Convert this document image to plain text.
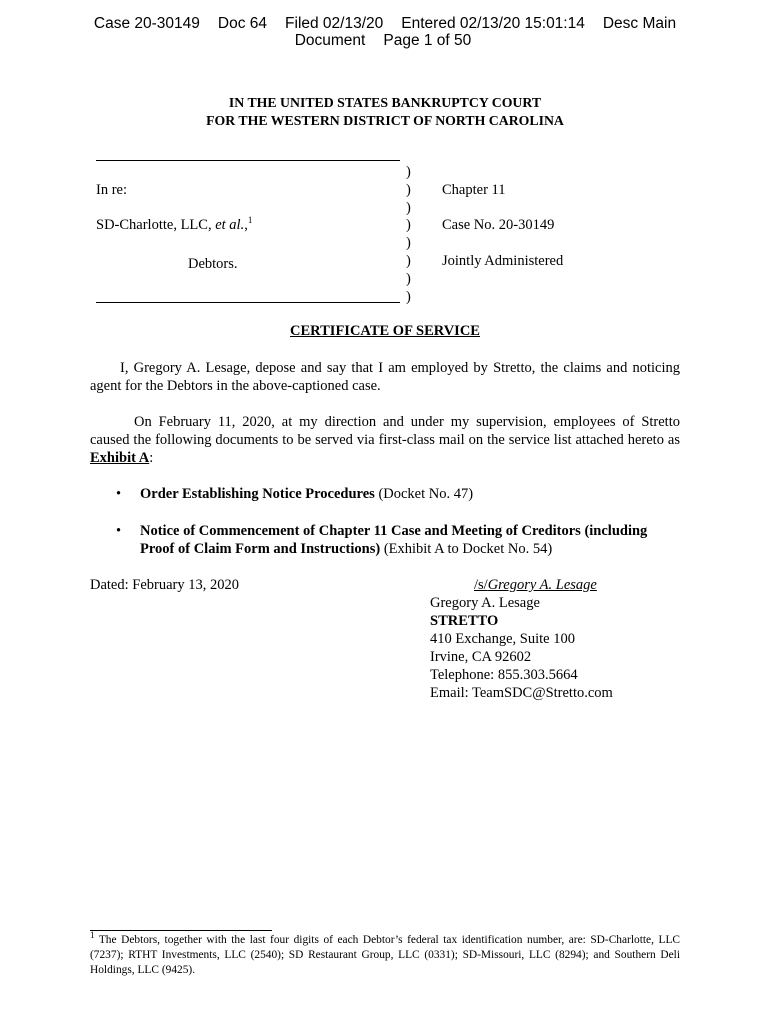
Case 20-30149 Doc 64 Filed 02/13/20 Entered 02/13/20 15:01:14 Desc Main
Document Page 1 of 50
IN THE UNITED STATES BANKRUPTCY COURT
FOR THE WESTERN DISTRICT OF NORTH CAROLINA
)
)
)
)
)
)
)
)
In re:
SD-Charlotte, LLC, et al.,$^1$
Debtors.
Chapter 11
Case No. 20-30149
Jointly Administered
CERTIFICATE OF SERVICE
I, Gregory A. Lesage, depose and say that I am employed by Stretto, the claims and noticing agent for the Debtors in the above-captioned case.
On February 11, 2020, at my direction and under my supervision, employees of Stretto caused the following documents to be served via first-class mail on the service list attached hereto as Exhibit A:
• Order Establishing Notice Procedures (Docket No. 47)
• Notice of Commencement of Chapter 11 Case and Meeting of Creditors (including Proof of Claim Form and Instructions) (Exhibit A to Docket No. 54)
Dated: February 13, 2020	/s/Gregory A. Lesage
Gregory A. Lesage
STRETTO
410 Exchange, Suite 100
Irvine, CA 92602
Telephone: 855.303.5664
Email: TeamSDC@Stretto.com
$^1$ The Debtors, together with the last four digits of each Debtor’s federal tax identification number, are: SD-Charlotte, LLC (7237); RTHT Investments, LLC (2540); SD Restaurant Group, LLC (0331); SD-Missouri, LLC (8294); and Southern Deli Holdings, LLC (9425).
